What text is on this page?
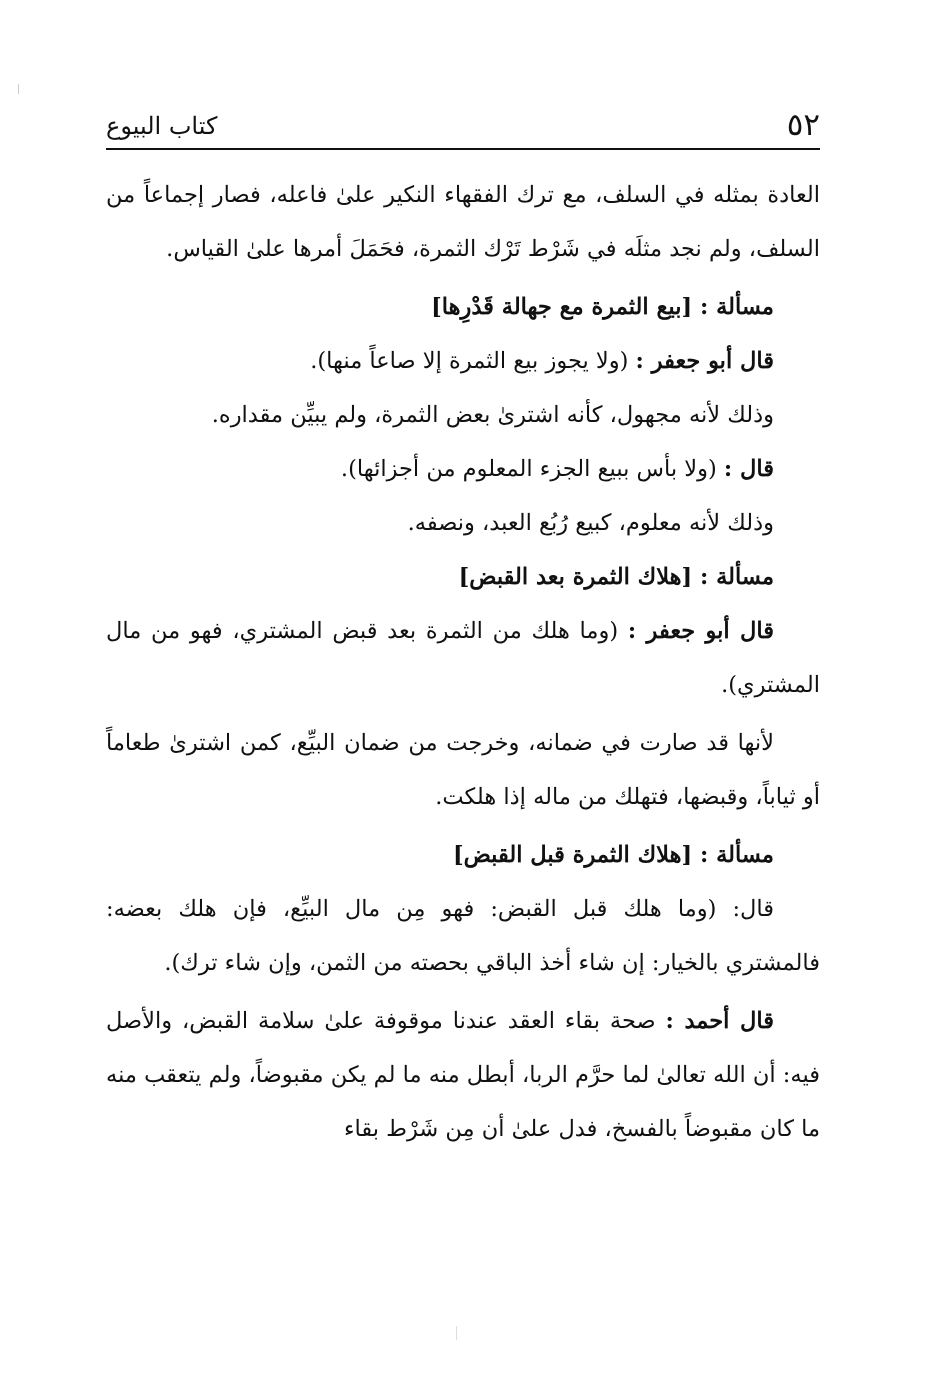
٥٢
كتاب البيوع

العادة بمثله في السلف، مع ترك الفقهاء النكير علىٰ فاعله، فصار إجماعاً من السلف، ولم نجد مثلَه في شَرْط تَرْك الثمرة، فحَمَلَ أمرها علىٰ القياس.

مسألة : [بيع الثمرة مع جهالة قَدْرِها]

قال أبو جعفر : (ولا يجوز بيع الثمرة إلا صاعاً منها).

وذلك لأنه مجهول، كأنه اشترىٰ بعض الثمرة، ولم يبيِّن مقداره.

قال : (ولا بأس ببيع الجزء المعلوم من أجزائها).

وذلك لأنه معلوم، كبيع رُبُع العبد، ونصفه.

مسألة : [هلاك الثمرة بعد القبض]

قال أبو جعفر : (وما هلك من الثمرة بعد قبض المشتري، فهو من مال المشتري).

لأنها قد صارت في ضمانه، وخرجت من ضمان البيِّع، كمن اشترىٰ طعاماً أو ثياباً، وقبضها، فتهلك من ماله إذا هلكت.

مسألة : [هلاك الثمرة قبل القبض]

قال: (وما هلك قبل القبض: فهو مِن مال البيِّع، فإن هلك بعضه: فالمشتري بالخيار: إن شاء أخذ الباقي بحصته من الثمن، وإن شاء ترك).

قال أحمد : صحة بقاء العقد عندنا موقوفة علىٰ سلامة القبض، والأصل فيه: أن الله تعالىٰ لما حرَّم الربا، أبطل منه ما لم يكن مقبوضاً، ولم يتعقب منه ما كان مقبوضاً بالفسخ، فدل علىٰ أن مِن شَرْط بقاء
